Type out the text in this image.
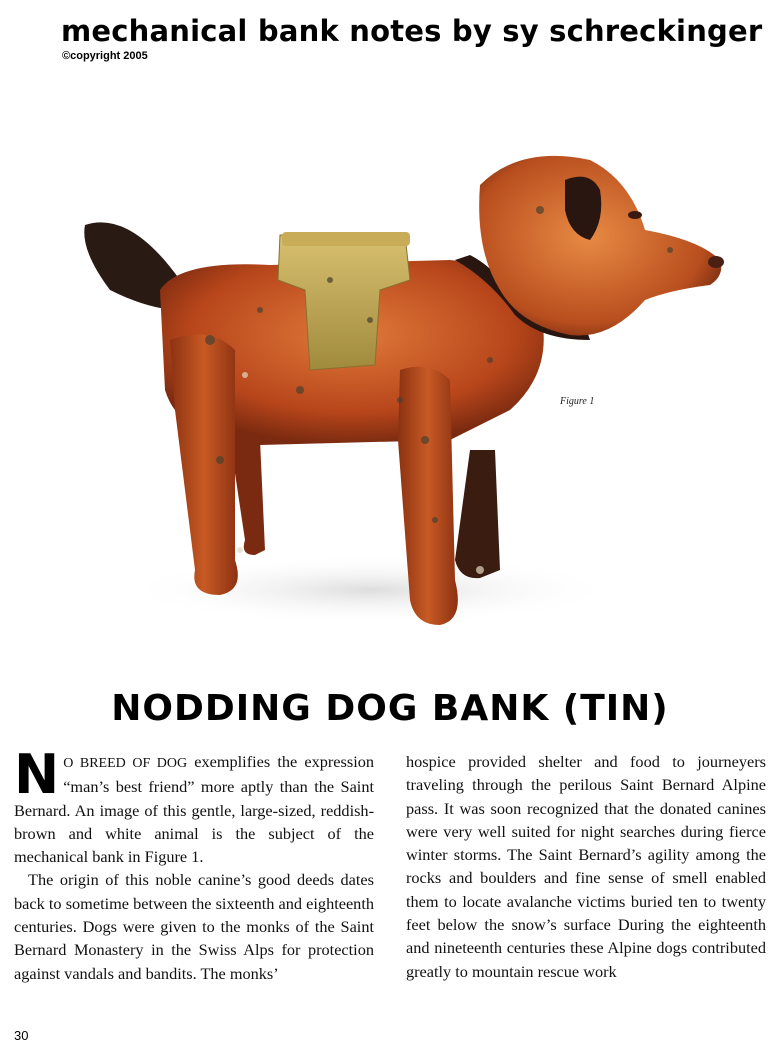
mechanical bank notes by sy schreckinger
©copyright 2005
Figure 1
NODDING DOG BANK (TIN)

N O BREED OF DOG exemplifies the expression “man’s best friend” more aptly than the Saint Bernard. An image of this gentle, large-sized, reddish-brown and white animal is the subject of the mechanical bank in Figure 1.

The origin of this noble canine’s good deeds dates back to sometime between the sixteenth and eighteenth centuries. Dogs were given to the monks of the Saint Bernard Monastery in the Swiss Alps for protection against vandals and bandits. The monks’

hospice provided shelter and food to journeyers traveling through the perilous Saint Bernard Alpine pass. It was soon recognized that the donated canines were very well suited for night searches during fierce winter storms. The Saint Bernard’s agility among the rocks and boulders and fine sense of smell enabled them to locate avalanche victims buried ten to twenty feet below the snow’s surface During the eighteenth and nineteenth centuries these Alpine dogs contributed greatly to mountain rescue work

30
